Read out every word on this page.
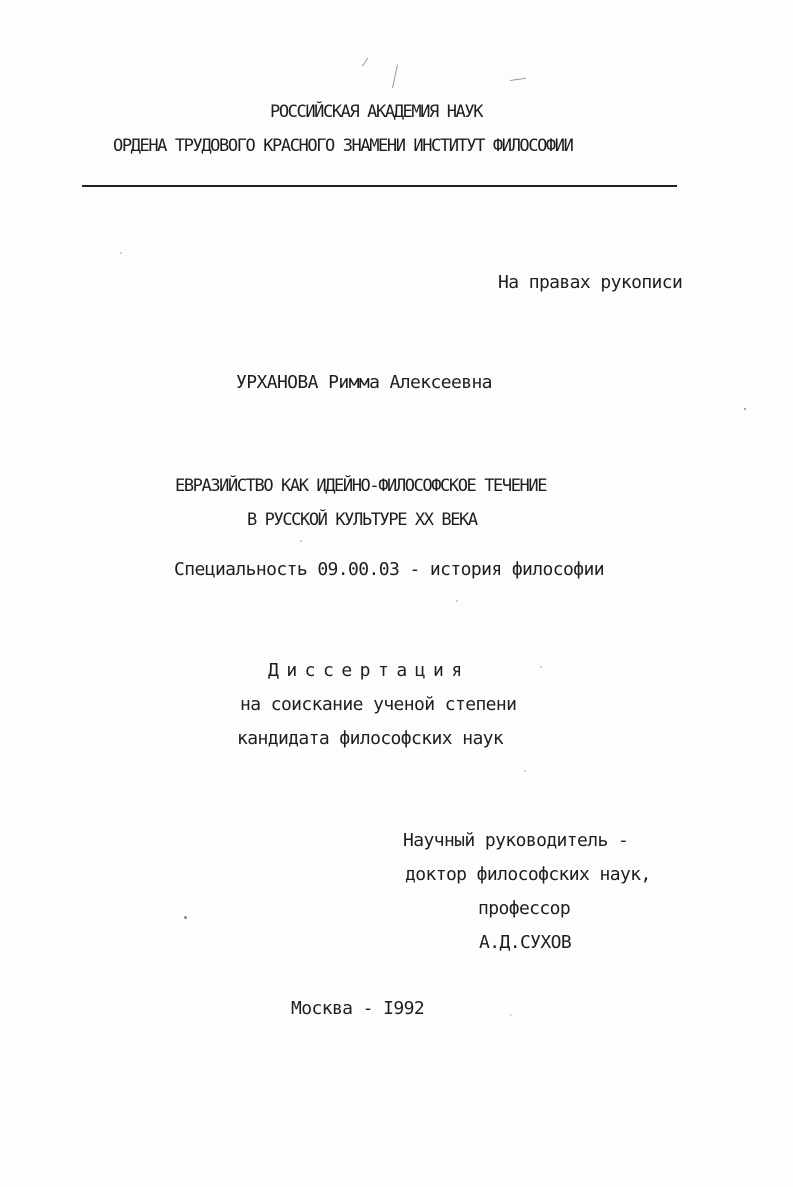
РОССИЙСКАЯ АКАДЕМИЯ НАУК
ОРДЕНА ТРУДОВОГО КРАСНОГО ЗНАМЕНИ ИНСТИТУТ ФИЛОСОФИИ
На правах рукописи
УРХАНОВА Римма Алексеевна
ЕВРАЗИЙСТВО КАК ИДЕЙНО-ФИЛОСОФСКОЕ ТЕЧЕНИЕ
В РУССКОЙ КУЛЬТУРЕ XX ВЕКА
Специальность 09.00.03 - история философии
Диссертация
на соискание ученой степени
кандидата философских наук
Научный руководитель -
доктор философских наук,
профессор
А.Д.СУХОВ
Москва - I992
